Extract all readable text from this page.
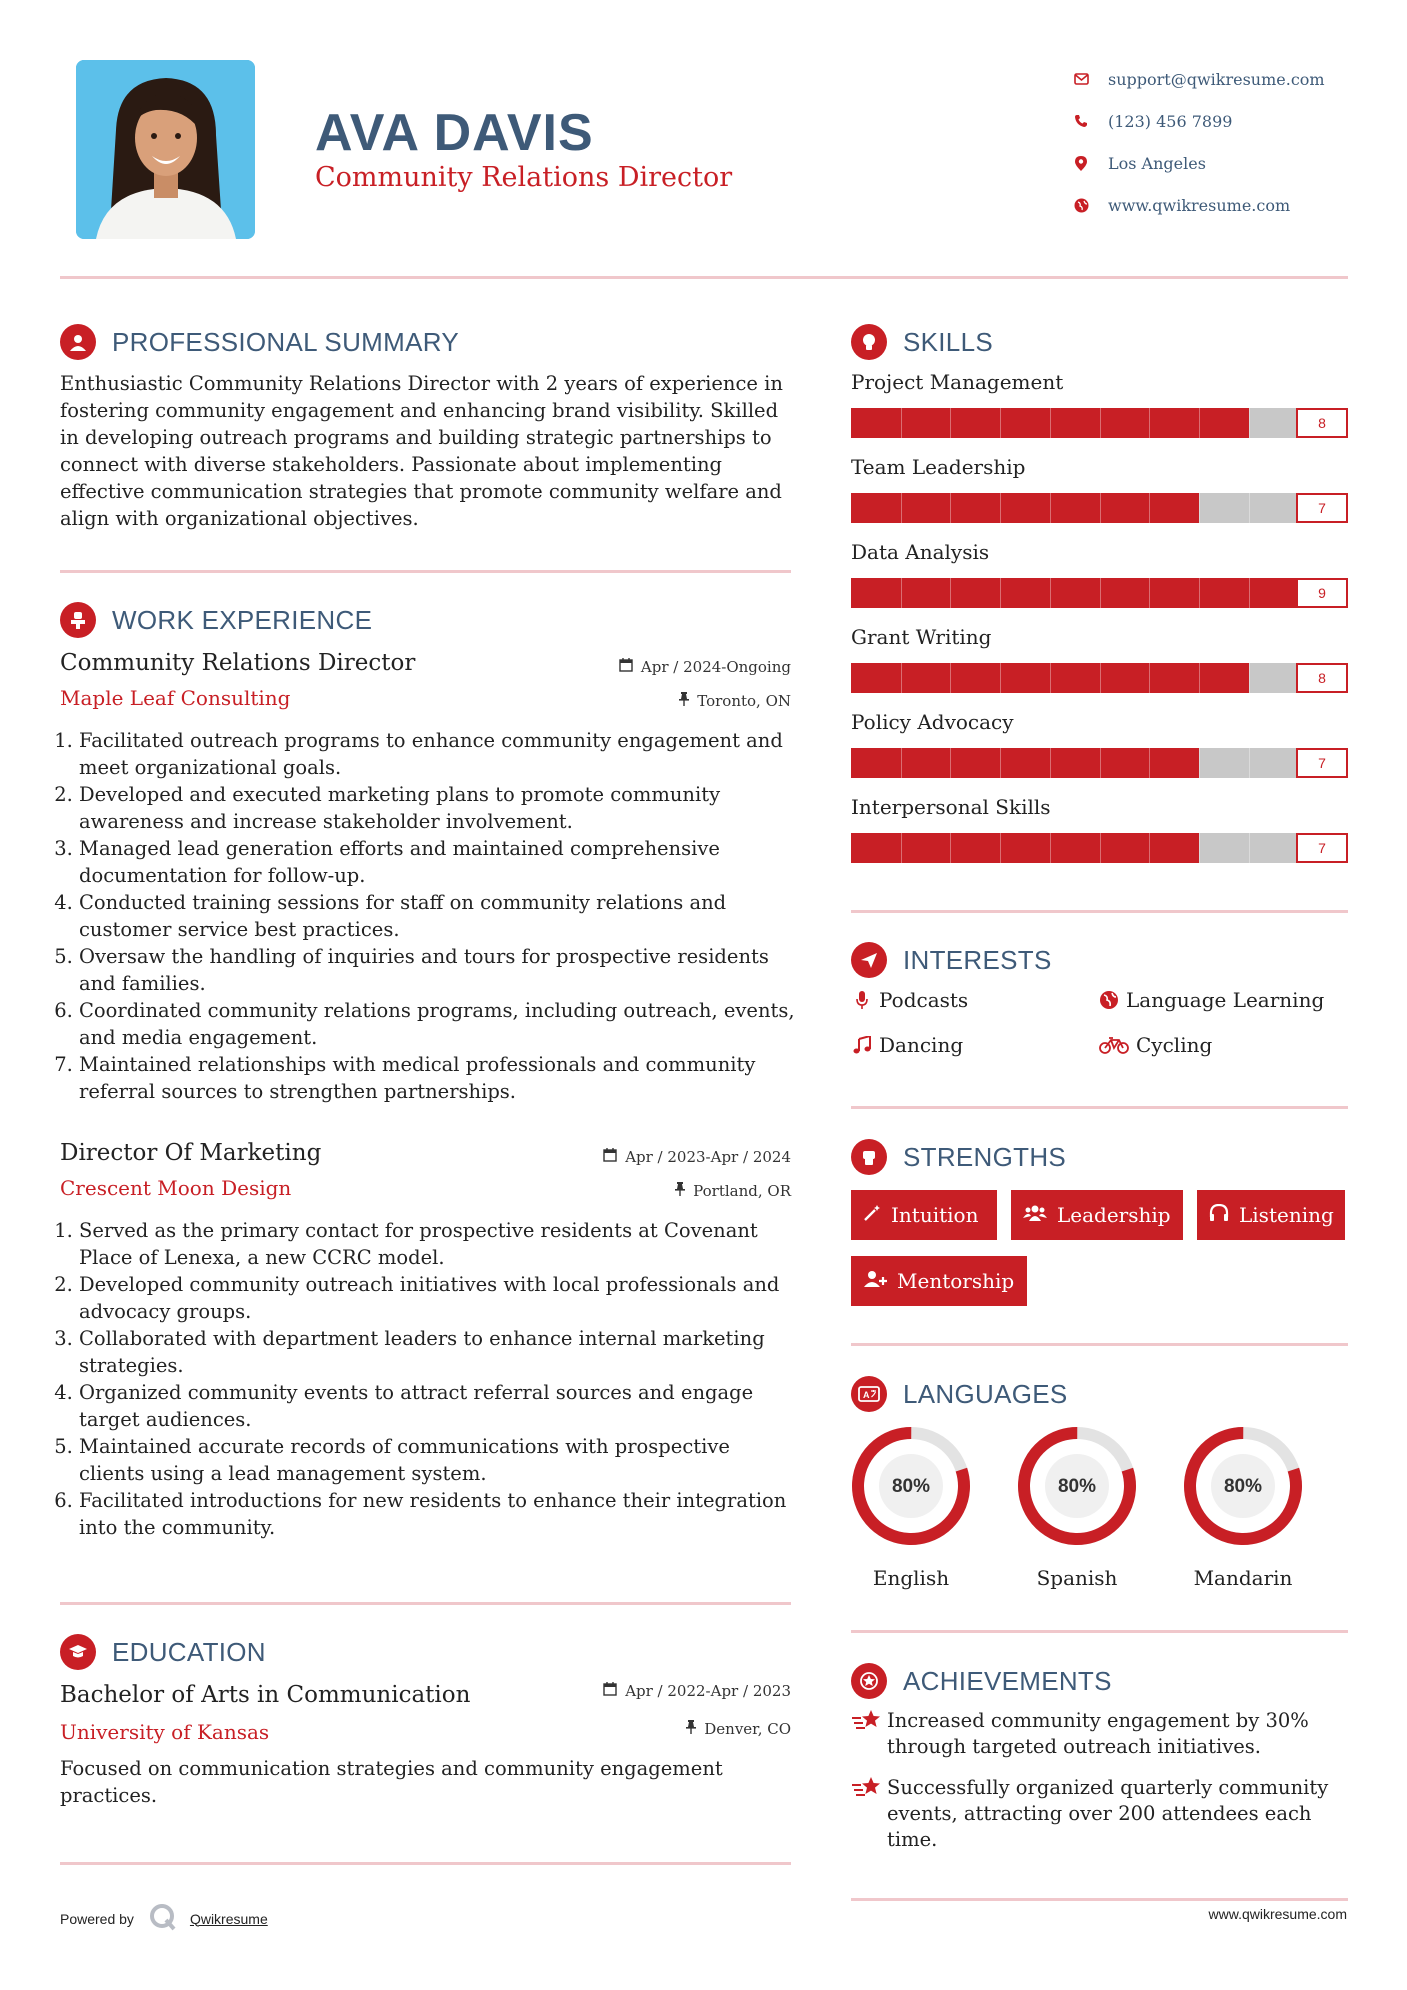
AVA DAVIS
Community Relations Director
support@qwikresume.com
(123) 456 7899
Los Angeles
www.qwikresume.com
PROFESSIONAL SUMMARY
Enthusiastic Community Relations Director with 2 years of experience in fostering community engagement and enhancing brand visibility. Skilled in developing outreach programs and building strategic partnerships to connect with diverse stakeholders. Passionate about implementing effective communication strategies that promote community welfare and align with organizational objectives.
WORK EXPERIENCE
Community Relations Director	Apr / 2024-Ongoing
Maple Leaf Consulting	Toronto, ON
1. Facilitated outreach programs to enhance community engagement and meet organizational goals.
2. Developed and executed marketing plans to promote community awareness and increase stakeholder involvement.
3. Managed lead generation efforts and maintained comprehensive documentation for follow-up.
4. Conducted training sessions for staff on community relations and customer service best practices.
5. Oversaw the handling of inquiries and tours for prospective residents and families.
6. Coordinated community relations programs, including outreach, events, and media engagement.
7. Maintained relationships with medical professionals and community referral sources to strengthen partnerships.
Director Of Marketing	Apr / 2023-Apr / 2024
Crescent Moon Design	Portland, OR
1. Served as the primary contact for prospective residents at Covenant Place of Lenexa, a new CCRC model.
2. Developed community outreach initiatives with local professionals and advocacy groups.
3. Collaborated with department leaders to enhance internal marketing strategies.
4. Organized community events to attract referral sources and engage target audiences.
5. Maintained accurate records of communications with prospective clients using a lead management system.
6. Facilitated introductions for new residents to enhance their integration into the community.
EDUCATION
Bachelor of Arts in Communication	Apr / 2022-Apr / 2023
University of Kansas	Denver, CO
Focused on communication strategies and community engagement practices.
SKILLS
Project Management
8
Team Leadership
7
Data Analysis
9
Grant Writing
8
Policy Advocacy
7
Interpersonal Skills
7
INTERESTS
Podcasts	Language Learning
Dancing	Cycling
STRENGTHS
Intuition	Leadership	Listening
Mentorship
A LANGUAGES
80%
English
80%
Spanish
80%
Mandarin
ACHIEVEMENTS
Increased community engagement by 30% through targeted outreach initiatives.
Successfully organized quarterly community events, attracting over 200 attendees each time.
Powered by	Qwikresume	www.qwikresume.com
